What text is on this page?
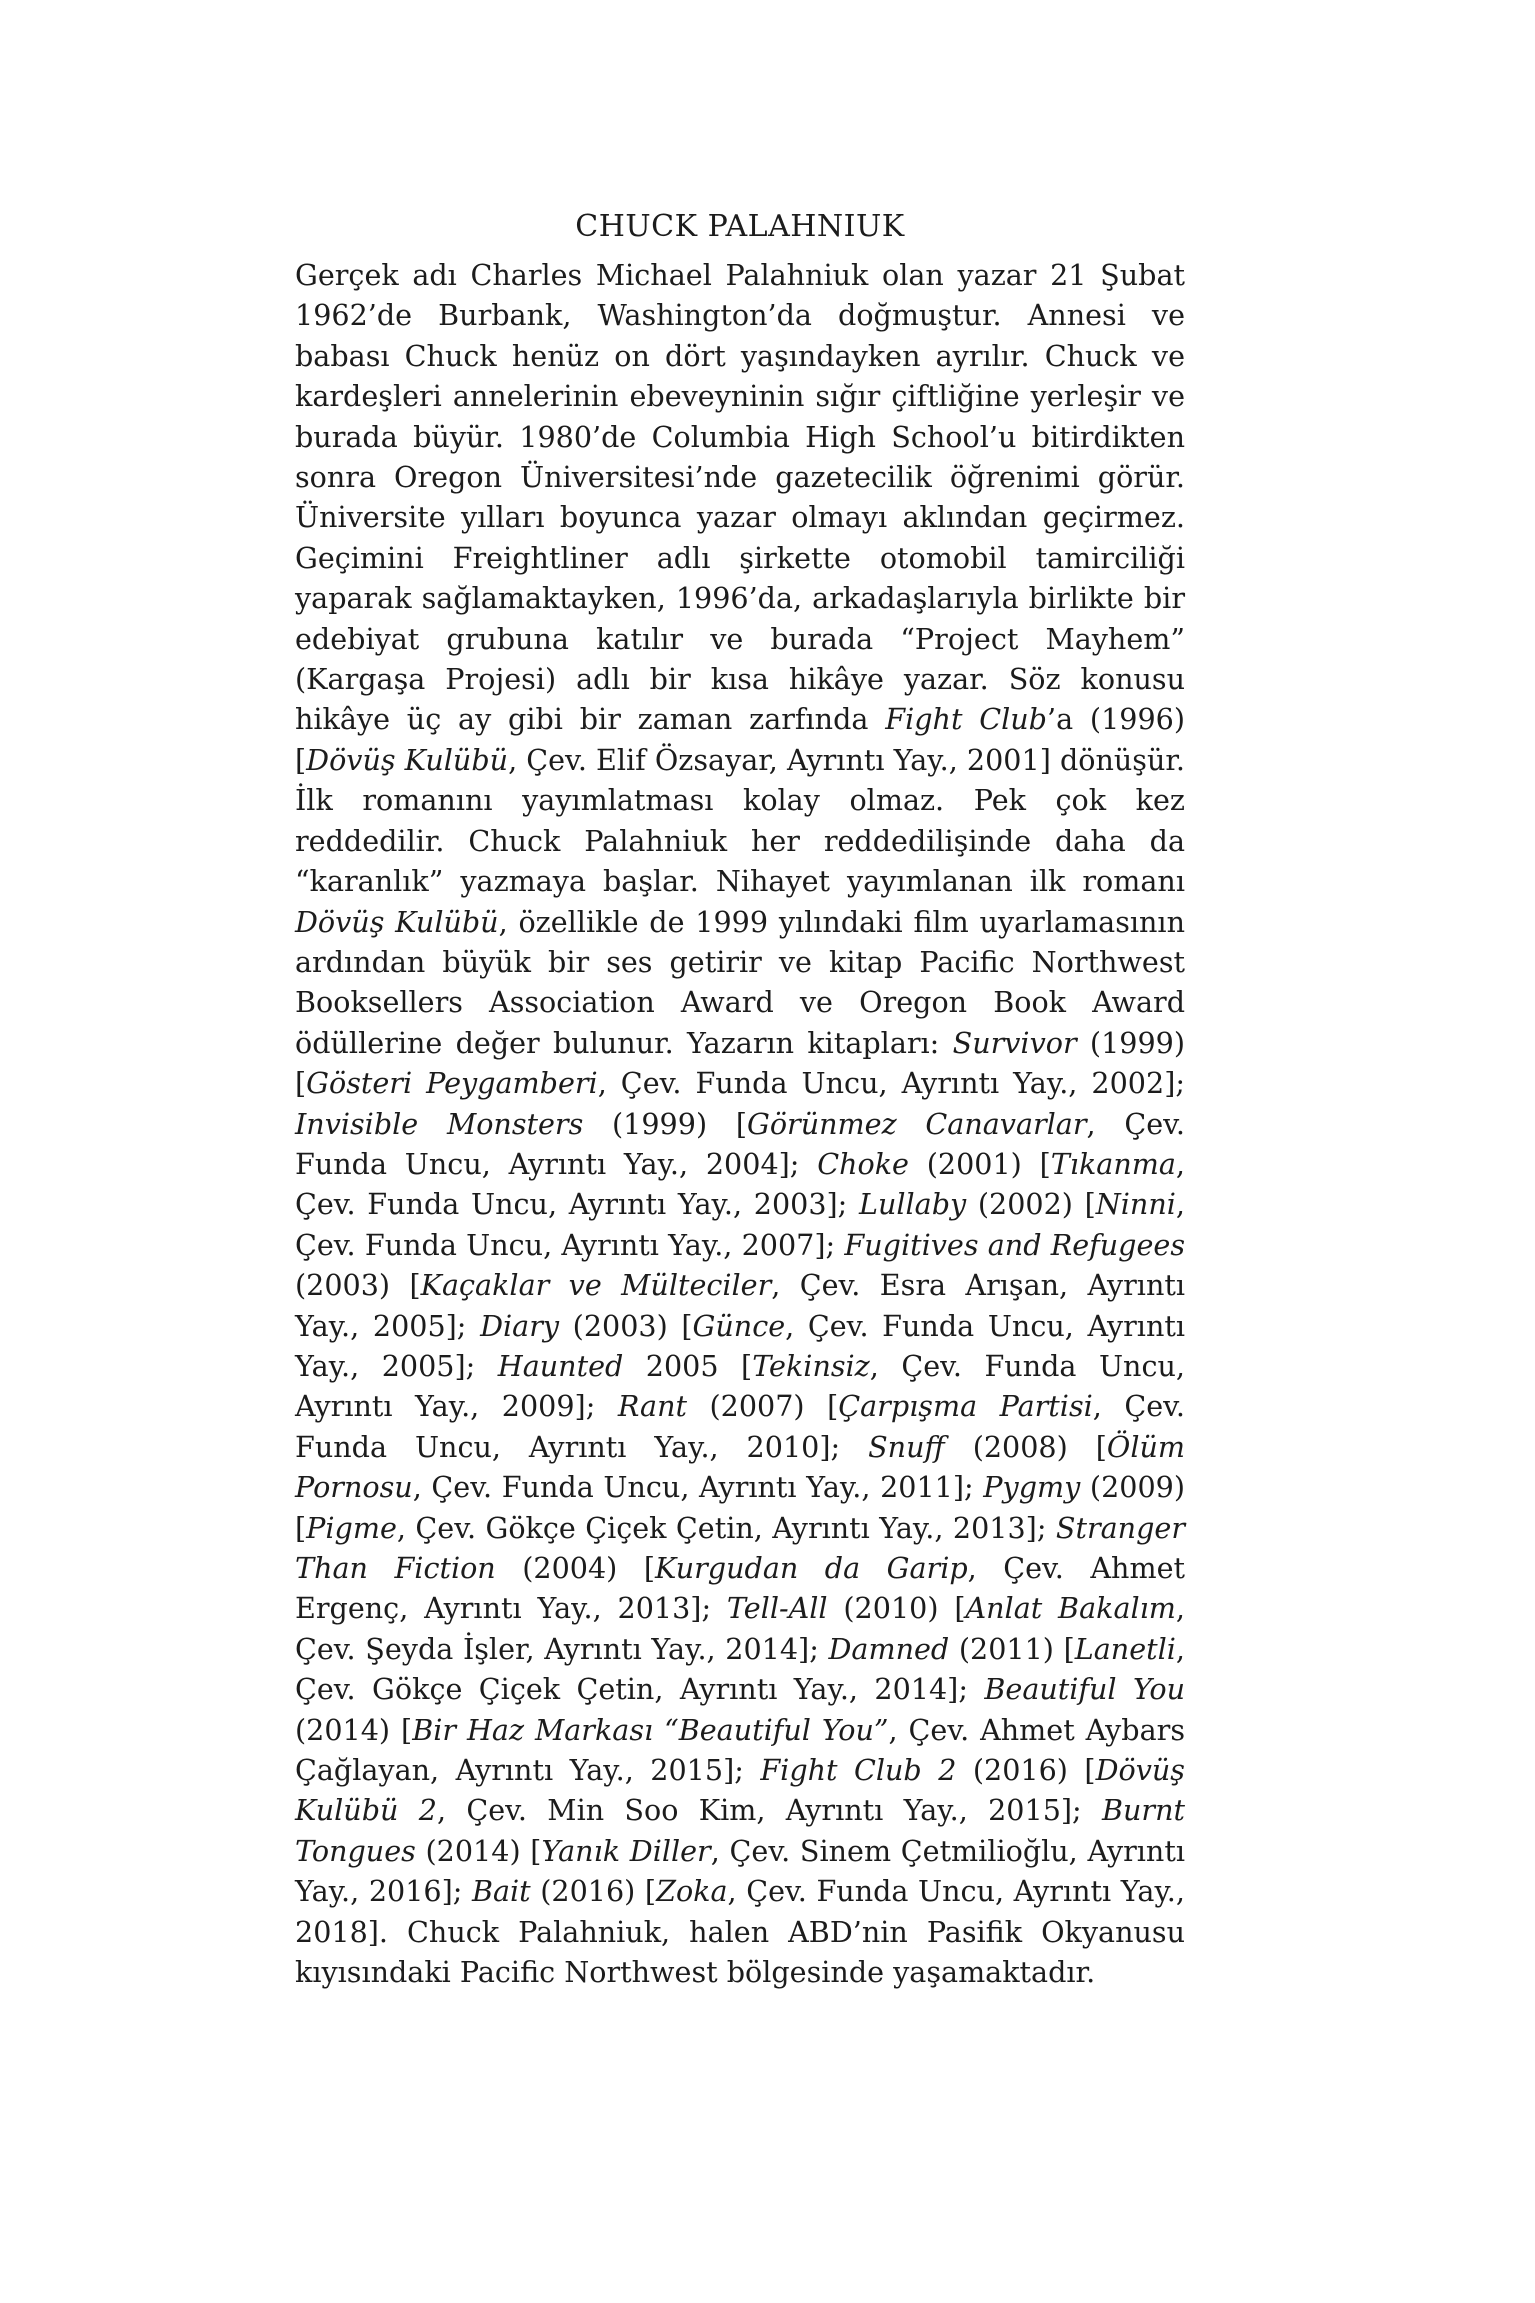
CHUCK PALAHNIUK

Gerçek adı Charles Michael Palahniuk olan yazar 21 Şubat 1962’de Burbank, Washington’da doğmuştur. Annesi ve babası Chuck henüz on dört yaşındayken ayrılır. Chuck ve kardeşleri annelerinin ebeveyninin sığır çiftliğine yerleşir ve burada büyür. 1980’de Columbia High School’u bitirdikten sonra Oregon Üniversitesi’nde gazetecilik öğrenimi görür. Üniversite yılları boyunca yazar olmayı aklından geçirmez. Geçimini Freightliner adlı şirkette otomobil tamirciliği yaparak sağlamaktayken, 1996’da, arkadaşlarıyla birlikte bir edebiyat grubuna katılır ve burada “Project Mayhem” (Kargaşa Projesi) adlı bir kısa hikâye yazar. Söz konusu hikâye üç ay gibi bir zaman zarfında Fight Club’a (1996) [Dövüş Kulübü, Çev. Elif Özsayar, Ayrıntı Yay., 2001] dönüşür. İlk romanını yayımlatması kolay olmaz. Pek çok kez reddedilir. Chuck Palahniuk her reddedilişinde daha da “karanlık” yazmaya başlar. Nihayet yayımlanan ilk romanı Dövüş Kulübü, özellikle de 1999 yılındaki film uyarlamasının ardından büyük bir ses getirir ve kitap Pacific Northwest Booksellers Association Award ve Oregon Book Award ödüllerine değer bulunur. Yazarın kitapları: Survivor (1999) [Gösteri Peygamberi, Çev. Funda Uncu, Ayrıntı Yay., 2002]; Invisible Monsters (1999) [Görünmez Canavarlar, Çev. Funda Uncu, Ayrıntı Yay., 2004]; Choke (2001) [Tıkanma, Çev. Funda Uncu, Ayrıntı Yay., 2003]; Lullaby (2002) [Ninni, Çev. Funda Uncu, Ayrıntı Yay., 2007]; Fugitives and Refugees (2003) [Kaçaklar ve Mülteciler, Çev. Esra Arışan, Ayrıntı Yay., 2005]; Diary (2003) [Günce, Çev. Funda Uncu, Ayrıntı Yay., 2005]; Haunted 2005 [Tekinsiz, Çev. Funda Uncu, Ayrıntı Yay., 2009]; Rant (2007) [Çarpışma Partisi, Çev. Funda Uncu, Ayrıntı Yay., 2010]; Snuff (2008) [Ölüm Pornosu, Çev. Funda Uncu, Ayrıntı Yay., 2011]; Pygmy (2009) [Pigme, Çev. Gökçe Çiçek Çetin, Ayrıntı Yay., 2013]; Stranger Than Fiction (2004) [Kurgudan da Garip, Çev. Ahmet Ergenç, Ayrıntı Yay., 2013]; Tell-All (2010) [Anlat Bakalım, Çev. Şeyda İşler, Ayrıntı Yay., 2014]; Damned (2011) [Lanetli, Çev. Gökçe Çiçek Çetin, Ayrıntı Yay., 2014]; Beautiful You (2014) [Bir Haz Markası “Beautiful You”, Çev. Ahmet Aybars Çağlayan, Ayrıntı Yay., 2015]; Fight Club 2 (2016) [Dövüş Kulübü 2, Çev. Min Soo Kim, Ayrıntı Yay., 2015]; Burnt Tongues (2014) [Yanık Diller, Çev. Sinem Çetmilioğlu, Ayrıntı Yay., 2016]; Bait (2016) [Zoka, Çev. Funda Uncu, Ayrıntı Yay., 2018]. Chuck Palahniuk, halen ABD’nin Pasifik Okyanusu kıyısındaki Pacific Northwest bölgesinde yaşamaktadır.
